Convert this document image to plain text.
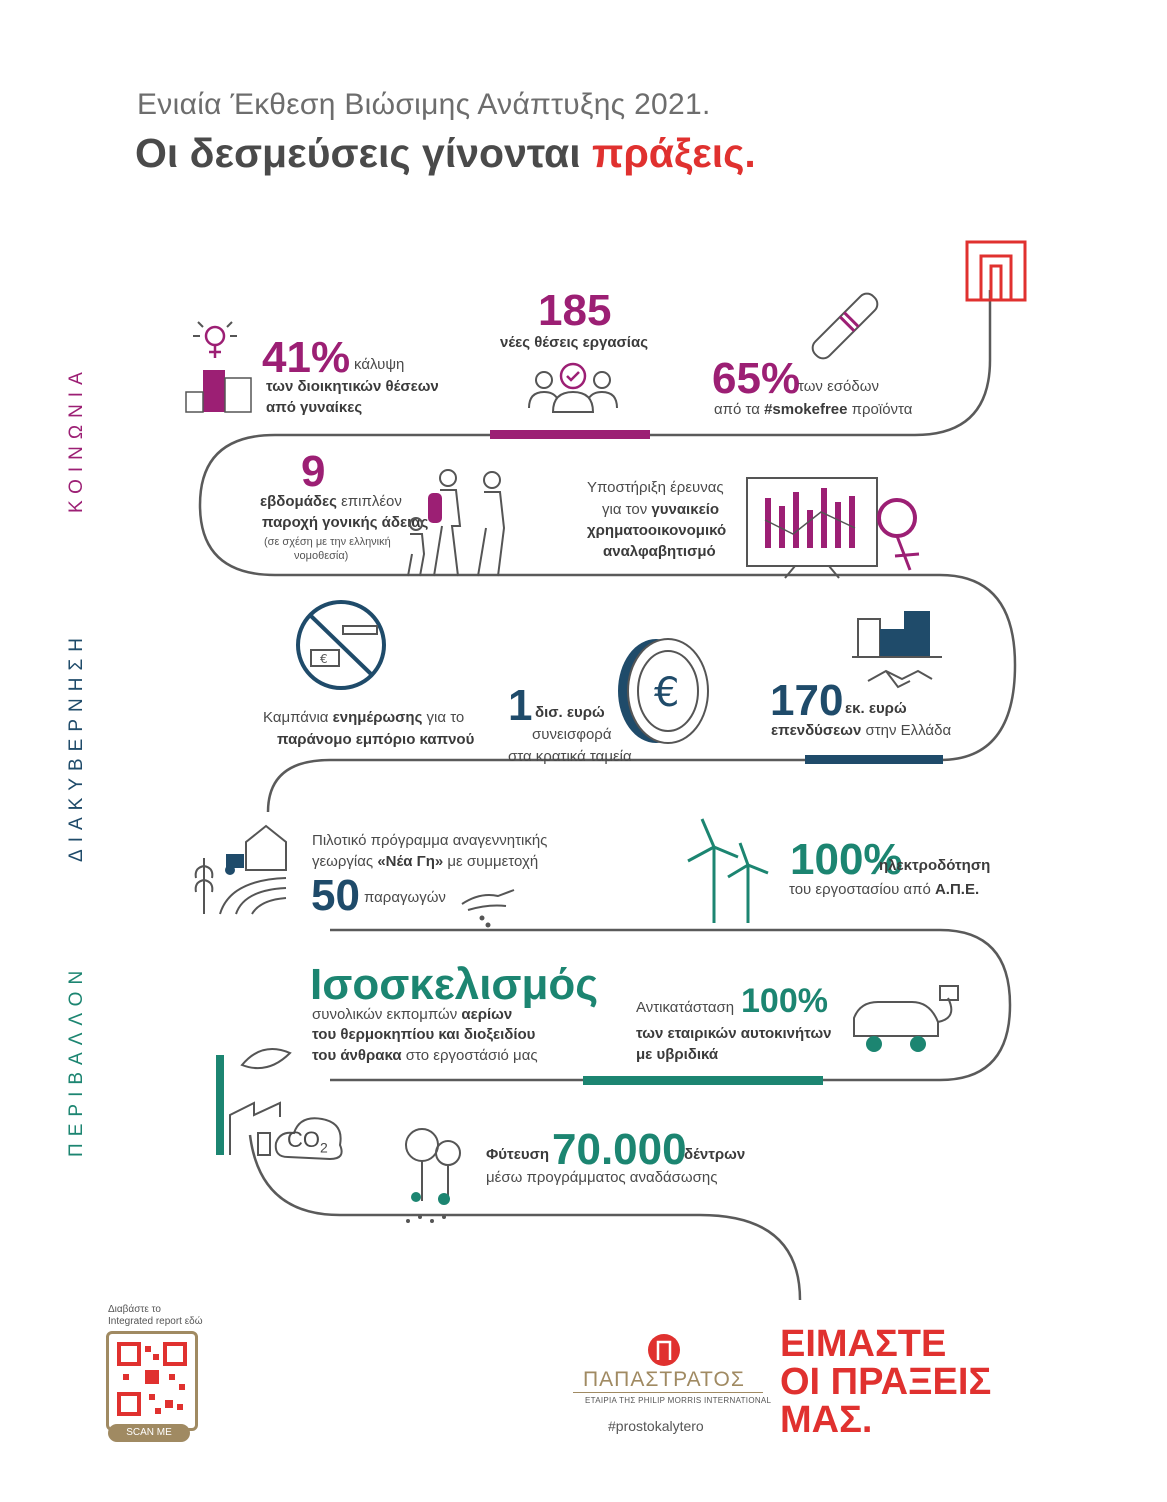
Ενιαία Έκθεση Βιώσιμης Ανάπτυξης 2021.
Οι δεσμεύσεις γίνονται πράξεις.
ΚΟΙΝΩΝΙΑ
ΔΙΑΚΥΒΕΡΝΗΣΗ
ΠΕΡΙΒΑΛΛΟΝ
41% κάλυψη
των διοικητικών θέσεων
από γυναίκες
185
νέες θέσεις εργασίας
65%
των εσόδων
από τα #smokefree προϊόντα
9
εβδομάδες επιπλέον
παροχή γονικής άδειας
(σε σχέση με την ελληνική
νομοθεσία)
Υποστήριξη έρευνας
για τον γυναικείο
χρηματοοικονομικό
αναλφαβητισμό
€
Καμπάνια ενημέρωσης για το
παράνομο εμπόριο καπνού
1 δισ. ευρώ
συνεισφορά
στα κρατικά ταμεία
€ 170 εκ. ευρώ
επενδύσεων στην Ελλάδα
Πιλοτικό πρόγραμμα αναγεννητικής
γεωργίας «Νέα Γη» με συμμετοχή
50 παραγωγών
100%
ηλεκτροδότηση
του εργοστασίου από Α.Π.Ε.
Ισοσκελισμός
συνολικών εκπομπών αερίων
του θερμοκηπίου και διοξειδίου
του άνθρακα στο εργοστάσιό μας
Αντικατάσταση 100%
των εταιρικών αυτοκινήτων
με υβριδικά
$CO_2$	Φύτευση 70.000
δέντρων
μέσω προγράμματος αναδάσωσης
Διαβάστε το
Integrated report εδώ
SCAN ME
ΠΑΠΑΣΤΡΑΤΟΣ
ΕΤΑΙΡΙΑ ΤΗΣ PHILIP MORRIS INTERNATIONAL
#prostokalytero
ΕΙΜΑΣΤΕ
ΟΙ ΠΡΑΞΕΙΣ
ΜΑΣ.
